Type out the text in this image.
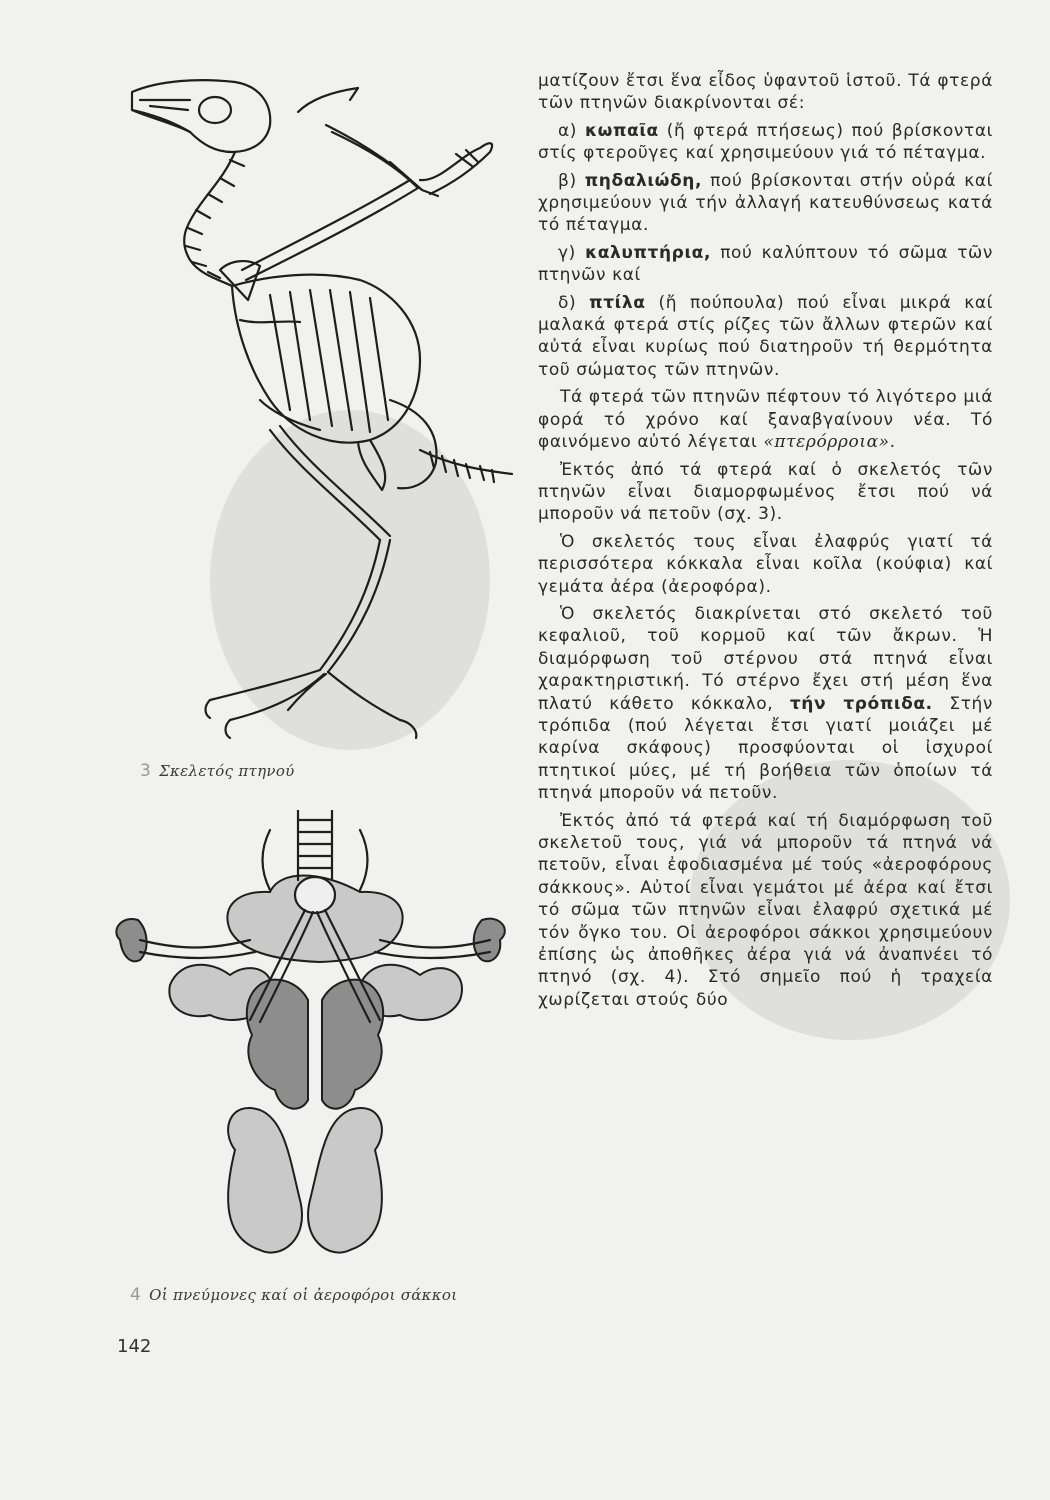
3 Σκελετός πτηνού
4 Οἱ πνεύμονες καί οἱ ἀεροφόροι σάκκοι
142

ματίζουν ἔτσι ἕνα εἶδος ὑφαντοῦ ἱστοῦ. Τά φτερά τῶν πτηνῶν διακρίνονται σέ:

α) κωπαῖα (ἤ φτερά πτήσεως) πού βρίσκονται στίς φτεροῦγες καί χρησιμεύουν γιά τό πέταγμα.

β) πηδαλιώδη, πού βρίσκονται στήν οὐρά καί χρησιμεύουν γιά τήν ἀλλαγή κατευθύνσεως κατά τό πέταγμα.

γ) καλυπτήρια, πού καλύπτουν τό σῶμα τῶν πτηνῶν καί

δ) πτίλα (ἤ πούπουλα) πού εἶναι μικρά καί μαλακά φτερά στίς ρίζες τῶν ἄλλων φτερῶν καί αὐτά εἶναι κυρίως πού διατηροῦν τή θερμότητα τοῦ σώματος τῶν πτηνῶν.

Τά φτερά τῶν πτηνῶν πέφτουν τό λιγότερο μιά φορά τό χρόνο καί ξαναβγαίνουν νέα. Τό φαινόμενο αὐτό λέγεται «πτερόρροια».

Ἐκτός ἀπό τά φτερά καί ὁ σκελετός τῶν πτηνῶν εἶναι διαμορφωμένος ἔτσι πού νά μποροῦν νά πετοῦν (σχ. 3).

Ὁ σκελετός τους εἶναι ἐλαφρύς γιατί τά περισσότερα κόκκαλα εἶναι κοῖλα (κούφια) καί γεμάτα ἀέρα (ἀεροφόρα).

Ὁ σκελετός διακρίνεται στό σκελετό τοῦ κεφαλιοῦ, τοῦ κορμοῦ καί τῶν ἄκρων. Ἡ διαμόρφωση τοῦ στέρνου στά πτηνά εἶναι χαρακτηριστική. Τό στέρνο ἔχει στή μέση ἕνα πλατύ κάθετο κόκκαλο, τήν τρόπιδα. Στήν τρόπιδα (πού λέγεται ἔτσι γιατί μοιάζει μέ καρίνα σκάφους) προσφύονται οἱ ἰσχυροί πτητικοί μύες, μέ τή βοήθεια τῶν ὁποίων τά πτηνά μποροῦν νά πετοῦν.

Ἐκτός ἀπό τά φτερά καί τή διαμόρφωση τοῦ σκελετοῦ τους, γιά νά μποροῦν τά πτηνά νά πετοῦν, εἶναι ἐφοδιασμένα μέ τούς «ἀεροφόρους σάκκους». Αὐτοί εἶναι γεμάτοι μέ ἀέρα καί ἔτσι τό σῶμα τῶν πτηνῶν εἶναι ἐλαφρύ σχετικά μέ τόν ὄγκο του. Οἱ ἀεροφόροι σάκκοι χρησιμεύουν ἐπίσης ὡς ἀποθῆκες ἀέρα γιά νά ἀναπνέει τό πτηνό (σχ. 4). Στό σημεῖο πού ἡ τραχεία χωρίζεται στούς δύο
